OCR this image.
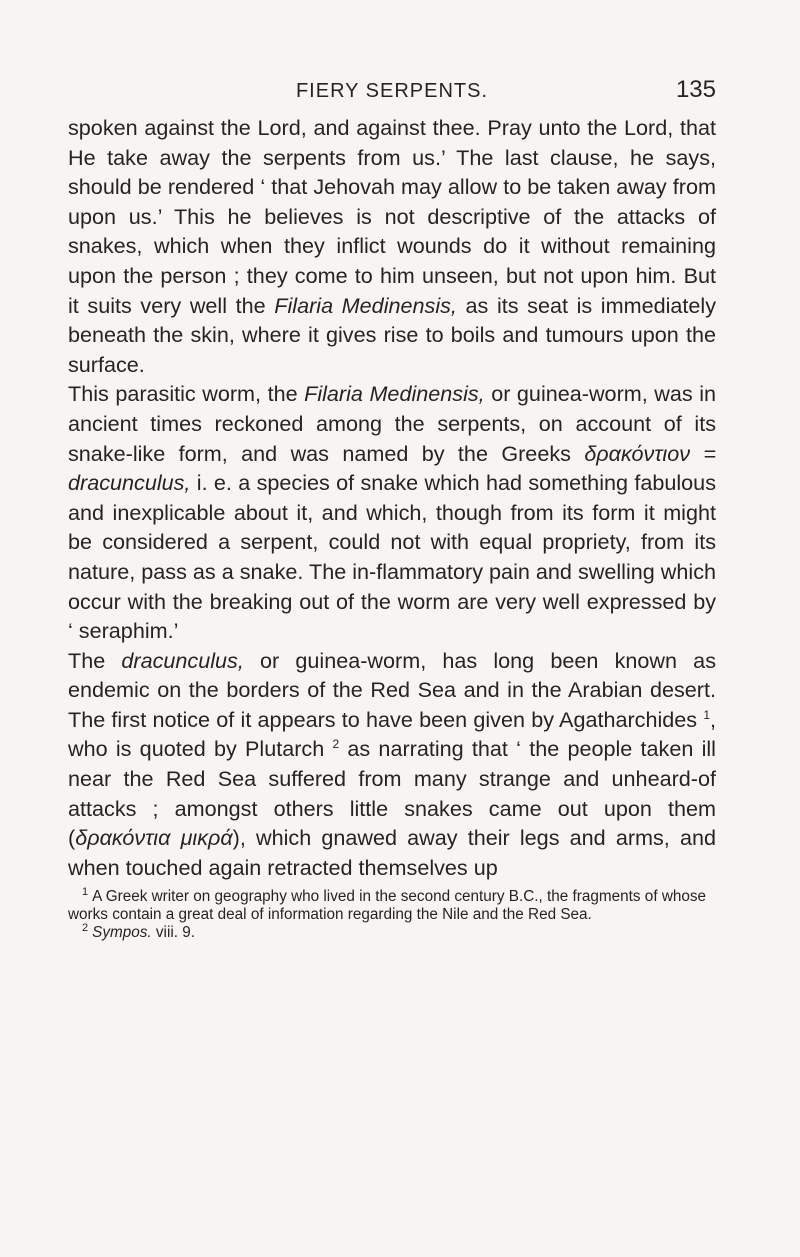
FIERY SERPENTS.	135

spoken against the Lord, and against thee. Pray unto the Lord, that He take away the serpents from us.’ The last clause, he says, should be rendered ‘ that Jehovah may allow to be taken away from upon us.’ This he believes is not descriptive of the attacks of snakes, which when they inflict wounds do it without remaining upon the person ; they come to him unseen, but not upon him. But it suits very well the Filaria Medinensis, as its seat is immediately beneath the skin, where it gives rise to boils and tumours upon the surface.

This parasitic worm, the Filaria Medinensis, or guinea-worm, was in ancient times reckoned among the serpents, on account of its snake-like form, and was named by the Greeks δρακόντιον = dracunculus, i. e. a species of snake which had something fabulous and inexplicable about it, and which, though from its form it might be considered a serpent, could not with equal propriety, from its nature, pass as a snake. The in-flammatory pain and swelling which occur with the breaking out of the worm are very well expressed by ‘ seraphim.’

The dracunculus, or guinea-worm, has long been known as endemic on the borders of the Red Sea and in the Arabian desert. The first notice of it appears to have been given by Agatharchides $^1$, who is quoted by Plutarch $^2$ as narrating that ‘ the people taken ill near the Red Sea suffered from many strange and unheard-of attacks ; amongst others little snakes came out upon them (δρακόντια μικρά), which gnawed away their legs and arms, and when touched again retracted themselves up

$^1$ A Greek writer on geography who lived in the second century B.C., the fragments of whose works contain a great deal of information regarding the Nile and the Red Sea.

$^2$ Sympos. viii. 9.
